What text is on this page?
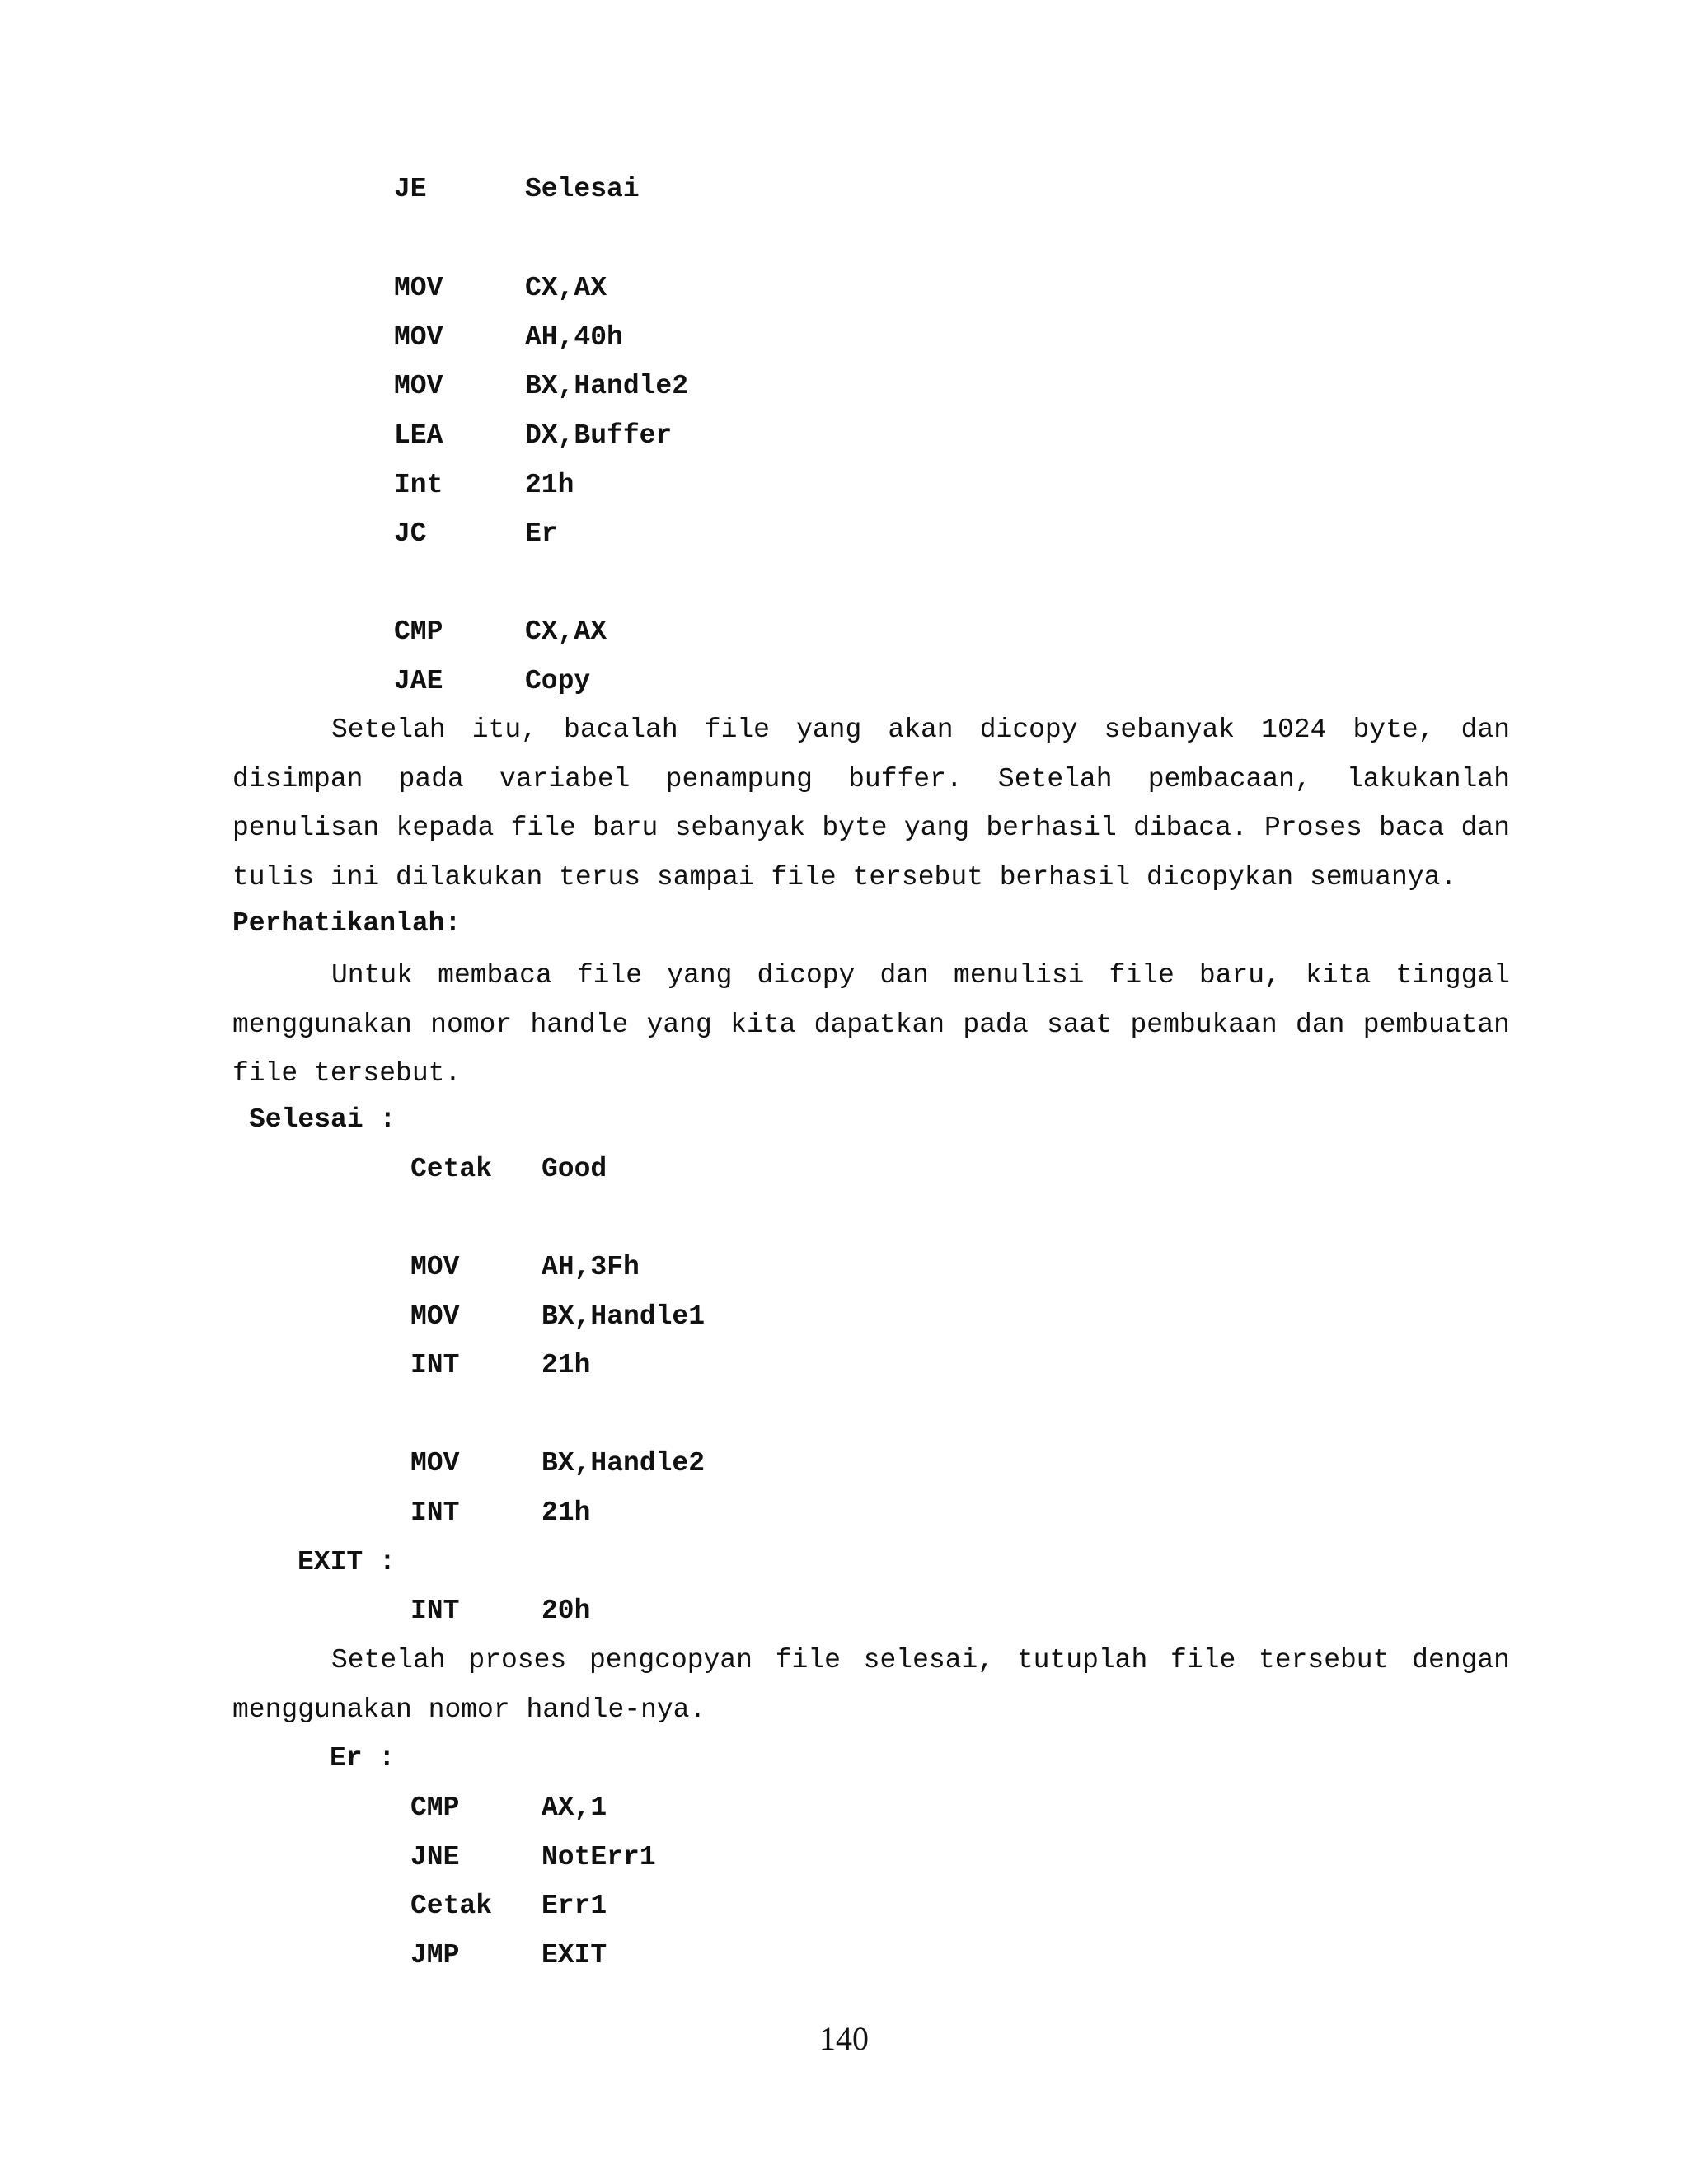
JE	Selesai
MOV	CX,AX
MOV	AH,40h
MOV	BX,Handle2
LEA	DX,Buffer
Int	21h
JC	Er
CMP	CX,AX
JAE	Copy
Setelah itu, bacalah file yang akan dicopy sebanyak 1024 byte, dan disimpan pada variabel penampung buffer. Setelah pembacaan, lakukanlah penulisan kepada file baru sebanyak byte yang berhasil dibaca. Proses baca dan tulis ini dilakukan terus sampai file tersebut berhasil dicopykan semuanya.
Perhatikanlah:
Untuk membaca file yang dicopy dan menulisi file baru, kita tinggal menggunakan nomor handle yang kita dapatkan pada saat pembukaan dan pembuatan file tersebut.
Selesai :
Cetak Good
MOV	AH,3Fh
MOV	BX,Handle1
INT	21h
MOV	BX,Handle2
INT	21h
EXIT :
INT	20h
Setelah proses pengcopyan file selesai, tutuplah file tersebut dengan menggunakan nomor handle-nya.
Er :
CMP	AX,1
JNE	NotErr1
Cetak Err1
JMP	EXIT
140
